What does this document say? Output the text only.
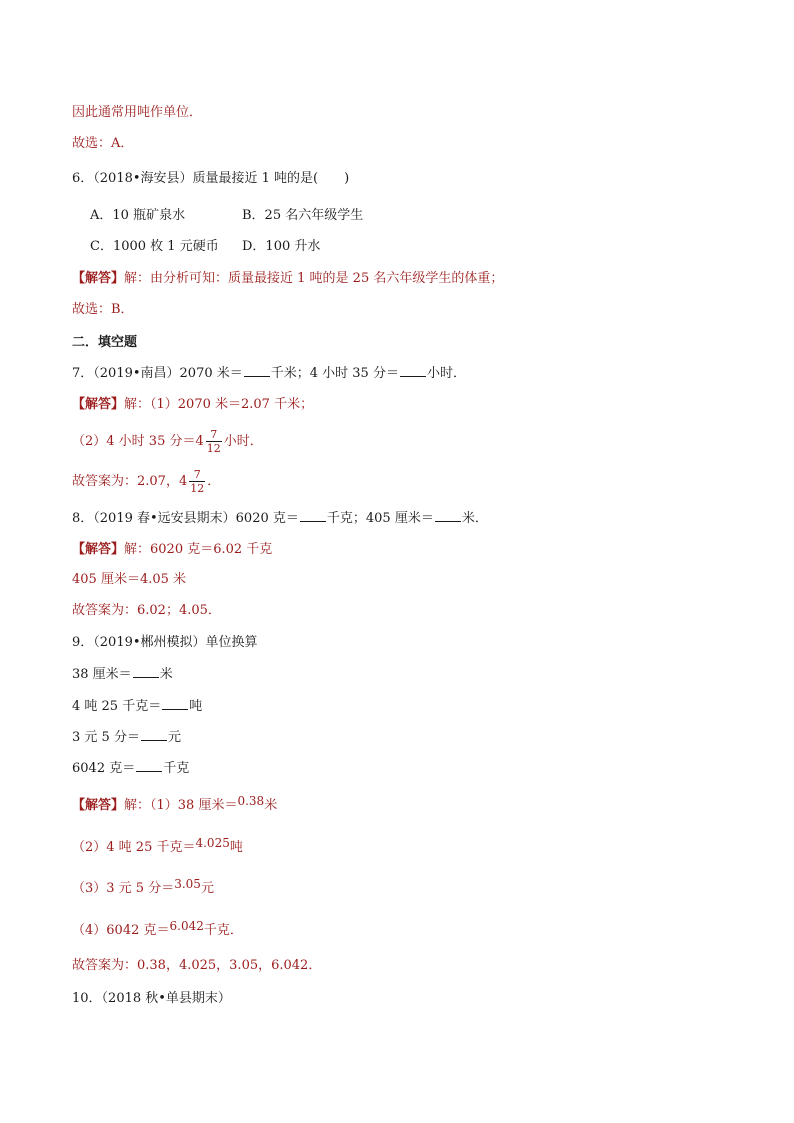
因此通常用吨作单位．
故选：A．
6．（2018•海安县）质量最接近 1 吨的是(　　)
A．10 瓶矿泉水	B．25 名六年级学生
C．1000 枚 1 元硬币 D．100 升水
【解答】解：由分析可知：质量最接近 1 吨的是 25 名六年级学生的体重；
故选：B．
二．填空题
7．（2019•南昌）2070 米＝ 千米；4 小时 35 分＝ 小时．
【解答】解：（1）2070 米＝2.07 千米；
（2）4 小时 35 分$=4 \frac{7}{12}$ 小时．
故答案为：2.07，$4 \frac{7}{12}$ ．
8．（2019 春•远安县期末）6020 克＝ 千克；405 厘米＝ 米．
【解答】解：6020 克＝6.02 千克
405 厘米＝4.05 米
故答案为：6.02；4.05．
9．（2019•郴州模拟）单位换算
38 厘米＝ 米
4 吨 25 千克＝ 吨
3 元 5 分＝ 元
6042 克＝ 千克
【解答】解：（1）38 厘米＝0.38米
（2）4 吨 25 千克＝4.025吨
（3）3 元 5 分＝3.05元
（4）6042 克＝6.042千克．
故答案为：0.38，4.025，3.05，6.042．
10．（2018 秋•单县期末）
